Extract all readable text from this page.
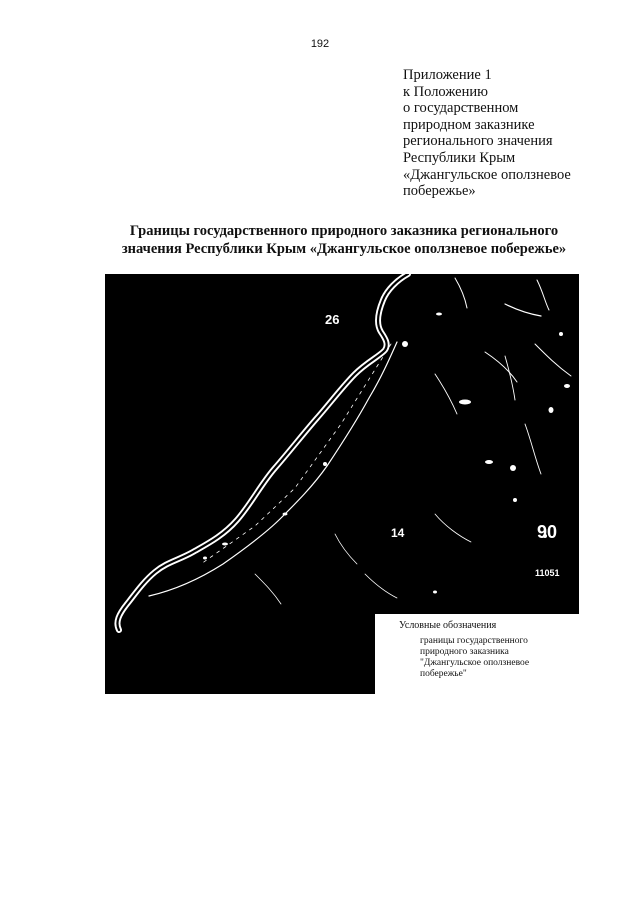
192
Приложение 1
к Положению
о государственном
природном заказнике
регионального значения
Республики Крым
«Джангульское оползневое
побережье»
Границы государственного природного заказника регионального
значения Республики Крым «Джангульское оползневое побережье»
26
14	90
11051
Условные обозначения
границы государственного
природного заказника
"Джангульское оползневое
побережье"
